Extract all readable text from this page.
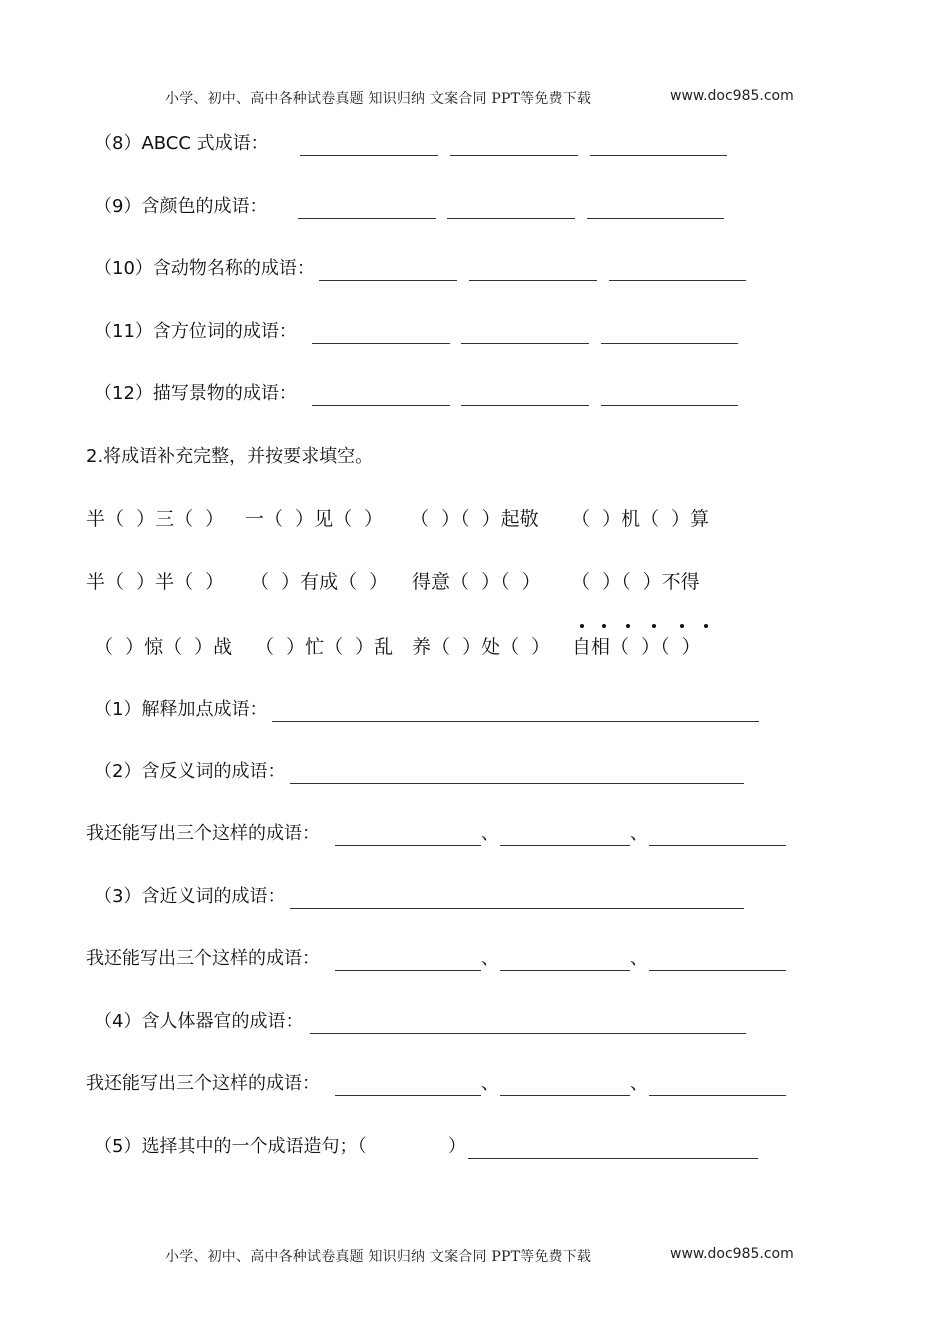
小学、初中、高中各种试卷真题 知识归纳 文案合同 PPT等免费下载	www.doc985.com
（8）ABCC 式成语：
（9）含颜色的成语：
（10）含动物名称的成语：
（11）含方位词的成语：
（12）描写景物的成语：
2.将成语补充完整，并按要求填空。
半（  ）三（  ） 一（  ）见（  ） （  ）（  ）起敬 （  ）机（  ）算
半（  ）半（  ） （  ）有成（  ） 得意（  ）（  ） （  ）（  ）不得
（  ）惊（  ）战 （  ）忙（  ）乱 养（  ）处（  ） 自相（  ）（  ）
（1）解释加点成语：
（2）含反义词的成语：
我还能写出三个这样的成语：	、	、
（3）含近义词的成语：
我还能写出三个这样的成语：	、	、
（4）含人体器官的成语：
我还能写出三个这样的成语：	、	、
（5）选择其中的一个成语造句；（	）
小学、初中、高中各种试卷真题 知识归纳 文案合同 PPT等免费下载	www.doc985.com
